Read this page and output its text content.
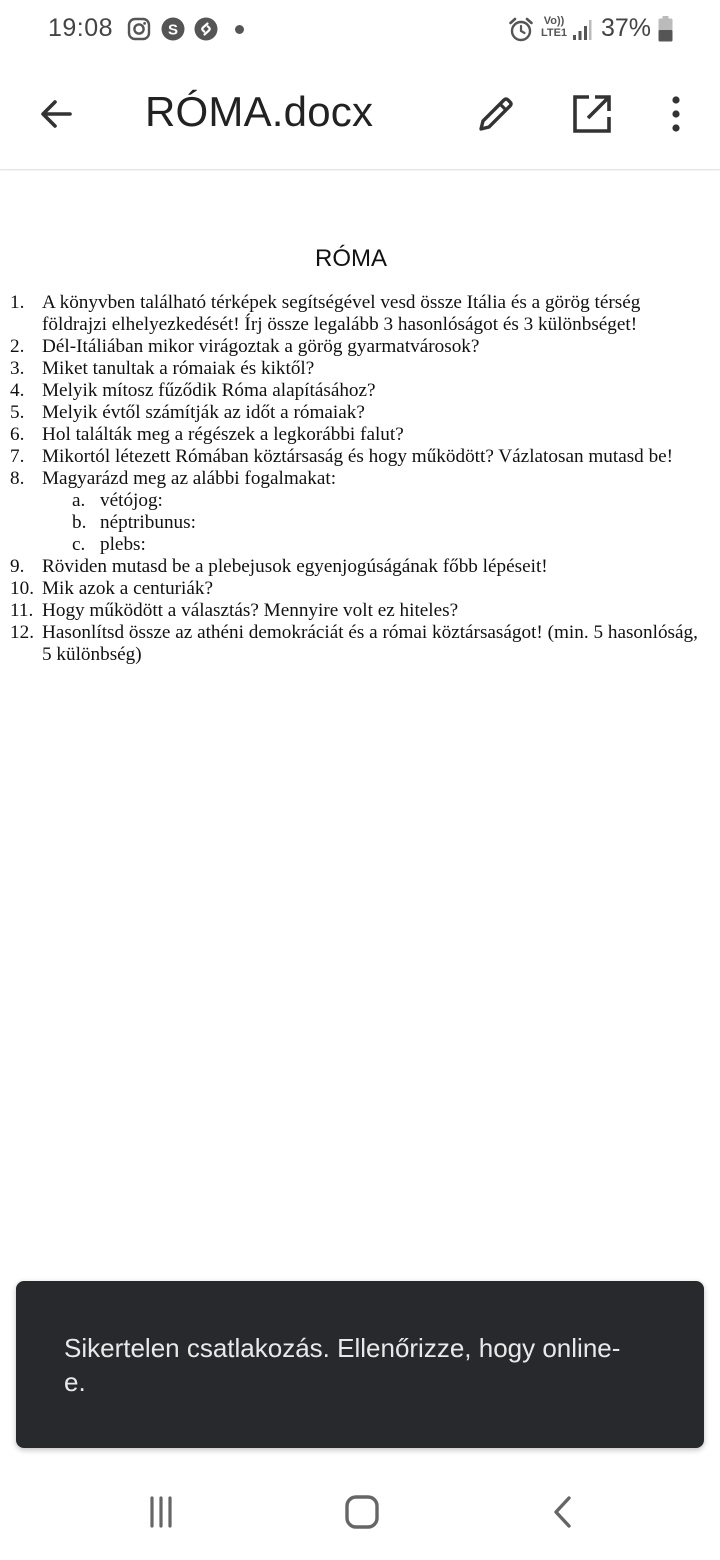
19:08	S
Vo))
LTE1 37%
RÓMA.docx
RÓMA
1. A könyvben található térképek segítségével vesd össze Itália és a görög térség földrajzi elhelyezkedését! Írj össze legalább 3 hasonlóságot és 3 különbséget!
2. Dél-Itáliában mikor virágoztak a görög gyarmatvárosok?
3. Miket tanultak a rómaiak és kiktől?
4. Melyik mítosz fűződik Róma alapításához?
5. Melyik évtől számítják az időt a rómaiak?
6. Hol találták meg a régészek a legkorábbi falut?
7. Mikortól létezett Rómában köztársaság és hogy működött? Vázlatosan mutasd be!
8. Magyarázd meg az alábbi fogalmakat:
a. vétójog:
b. néptribunus:
c. plebs:
9. Röviden mutasd be a plebejusok egyenjogúságának főbb lépéseit!
10. Mik azok a centuriák?
11. Hogy működött a választás? Mennyire volt ez hiteles?
12. Hasonlítsd össze az athéni demokráciát és a római köztársaságot! (min. 5 hasonlóság, 5 különbség)
Sikertelen csatlakozás. Ellenőrizze, hogy online-e.
